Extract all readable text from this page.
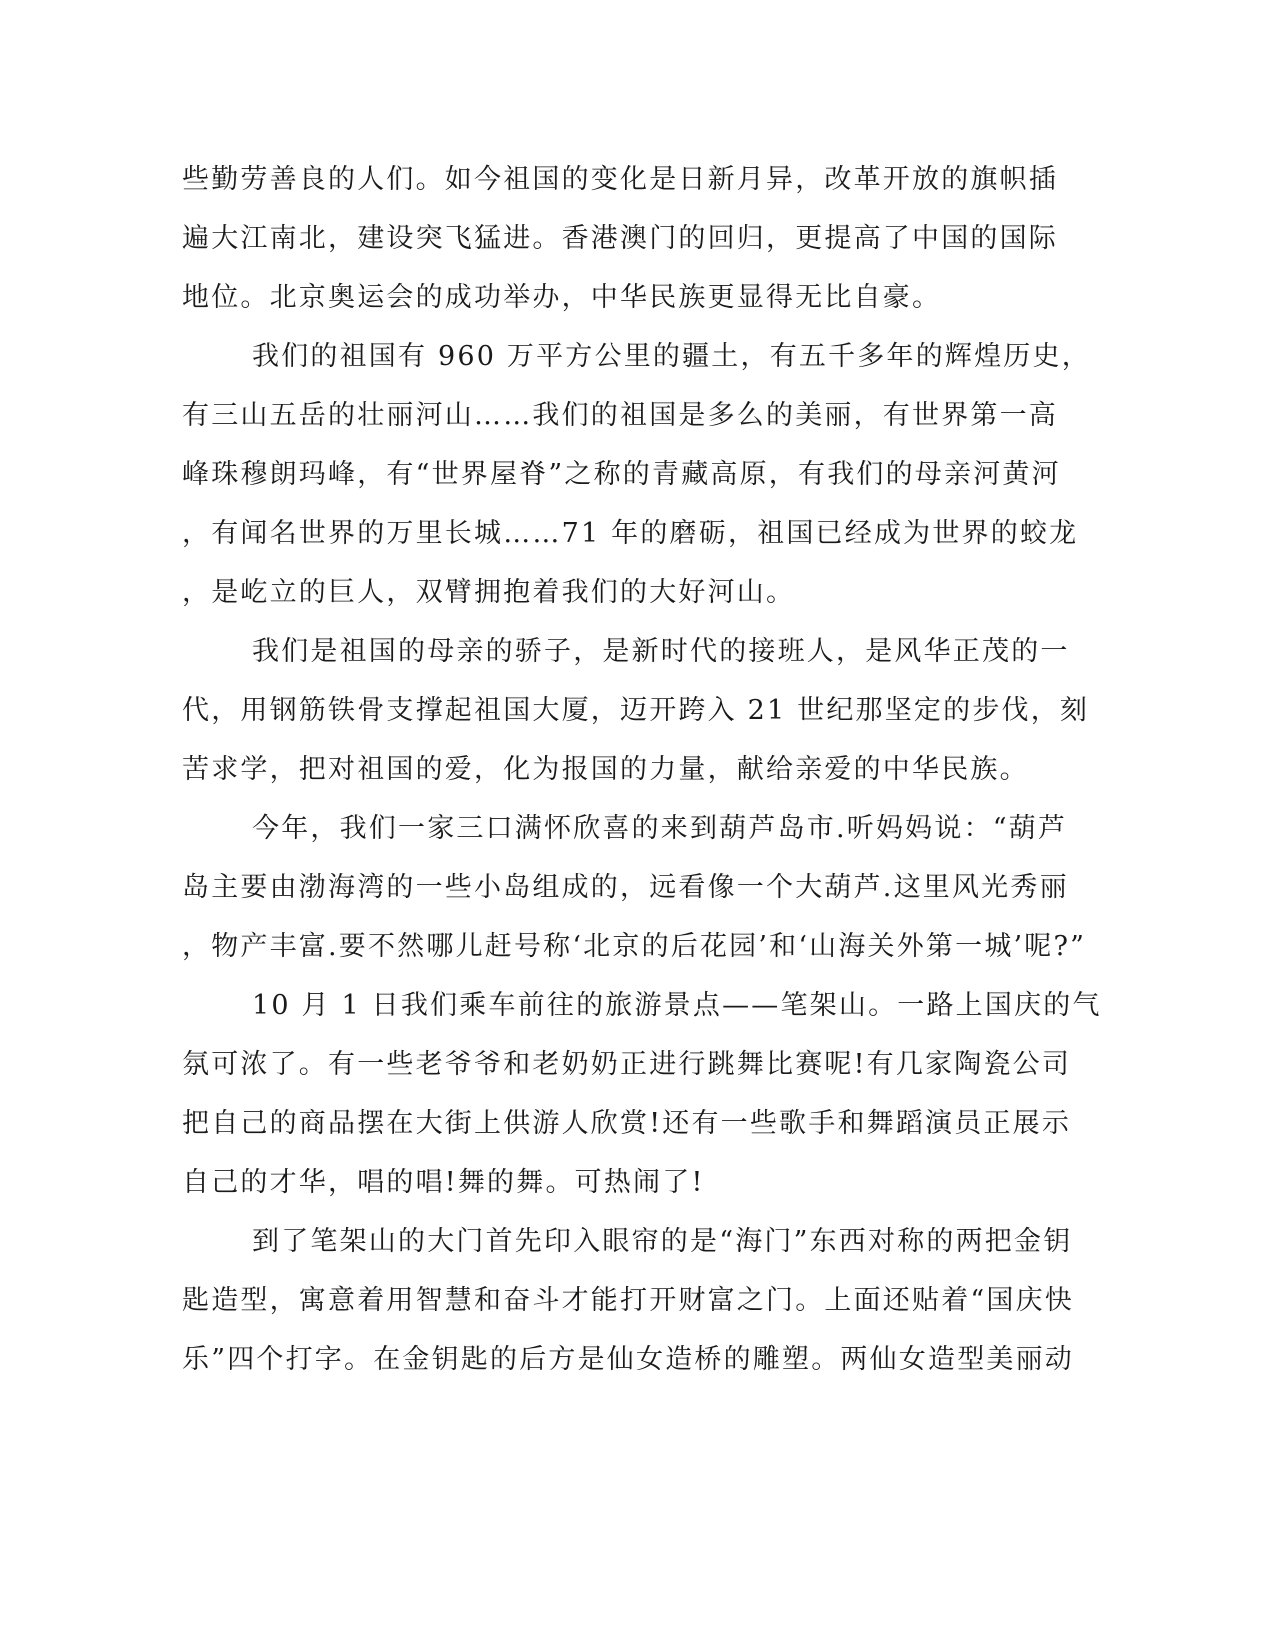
些勤劳善良的人们。如今祖国的变化是日新月异，改革开放的旗帜插
遍大江南北，建设突飞猛进。香港澳门的回归，更提高了中国的国际
地位。北京奥运会的成功举办，中华民族更显得无比自豪。
我们的祖国有 960 万平方公里的疆土，有五千多年的辉煌历史，
有三山五岳的壮丽河山……我们的祖国是多么的美丽，有世界第一高
峰珠穆朗玛峰，有“世界屋脊”之称的青藏高原，有我们的母亲河黄河
，有闻名世界的万里长城……71 年的磨砺，祖国已经成为世界的蛟龙
，是屹立的巨人，双臂拥抱着我们的大好河山。
我们是祖国的母亲的骄子，是新时代的接班人，是风华正茂的一
代，用钢筋铁骨支撑起祖国大厦，迈开跨入 21 世纪那坚定的步伐，刻
苦求学，把对祖国的爱，化为报国的力量，献给亲爱的中华民族。
今年，我们一家三口满怀欣喜的来到葫芦岛市.听妈妈说：“葫芦
岛主要由渤海湾的一些小岛组成的，远看像一个大葫芦.这里风光秀丽
，物产丰富.要不然哪儿赶号称‘北京的后花园’和‘山海关外第一城’呢?”
10 月 1 日我们乘车前往的旅游景点——笔架山。一路上国庆的气
氛可浓了。有一些老爷爷和老奶奶正进行跳舞比赛呢!有几家陶瓷公司
把自己的商品摆在大街上供游人欣赏!还有一些歌手和舞蹈演员正展示
自己的才华，唱的唱!舞的舞。可热闹了!
到了笔架山的大门首先印入眼帘的是“海门”东西对称的两把金钥
匙造型，寓意着用智慧和奋斗才能打开财富之门。上面还贴着“国庆快
乐”四个打字。在金钥匙的后方是仙女造桥的雕塑。两仙女造型美丽动
